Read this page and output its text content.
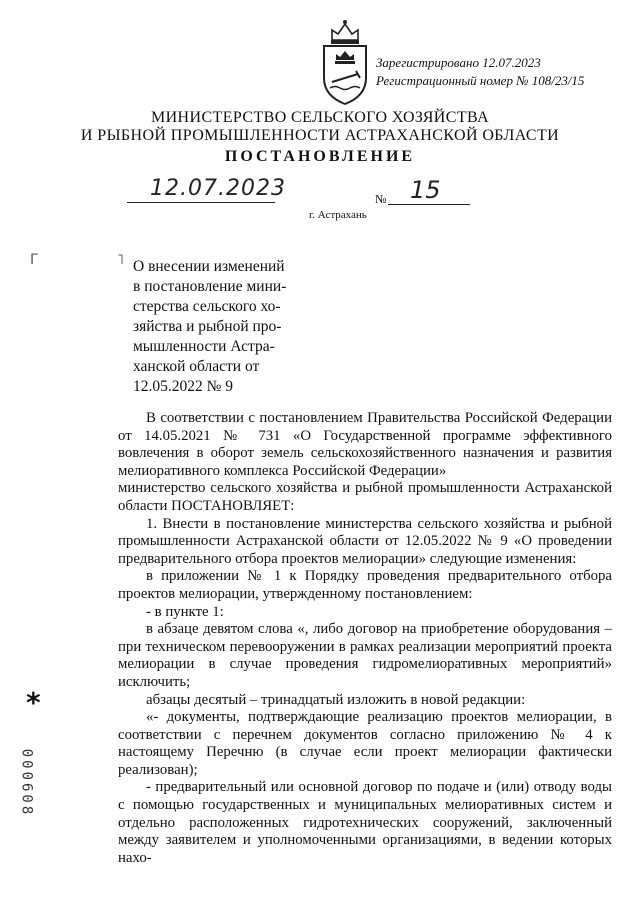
Зарегистрировано 12.07.2023
Регистрационный номер № 108/23/15
МИНИСТЕРСТВО СЕЛЬСКОГО ХОЗЯЙСТВА
И РЫБНОЙ ПРОМЫШЛЕННОСТИ АСТРАХАНСКОЙ ОБЛАСТИ
ПОСТАНОВЛЕНИЕ
12.07.2023	№ 15
г. Астрахань
Г	˥ О внесении изменений

в постановление мини-

стерства сельского хо-

зяйства и рыбной про-

мышленности Астра-

ханской области от

12.05.2022 № 9

В соответствии с постановлением Правительства Российской Федерации от 14.05.2021 № 731 «О Государственной программе эффективного вовлечения в оборот земель сельскохозяйственного назначения и развития мелиоративного комплекса Российской Федерации»

министерство сельского хозяйства и рыбной промышленности Астраханской области ПОСТАНОВЛЯЕТ:

1. Внести в постановление министерства сельского хозяйства и рыбной промышленности Астраханской области от 12.05.2022 № 9 «О проведении предварительного отбора проектов мелиорации» следующие изменения:

в приложении № 1 к Порядку проведения предварительного отбора проектов мелиорации, утвержденному постановлением:

- в пункте 1:

в абзаце девятом слова «, либо договор на приобретение оборудования – при техническом перевооружении в рамках реализации мероприятий проекта мелиорации в случае проведения гидромелиоративных мероприятий» исключить;

абзацы десятый – тринадцатый изложить в новой редакции:

«- документы, подтверждающие реализацию проектов мелиорации, в соответствии с перечнем документов согласно приложению № 4 к настоящему Перечню (в случае если проект мелиорации фактически реализован);

- предварительный или основной договор по подаче и (или) отводу воды с помощью государственных и муниципальных мелиоративных систем и отдельно расположенных гидротехнических сооружений, заключенный между заявителем и уполномоченными организациями, в ведении которых нахо-

*
000608
